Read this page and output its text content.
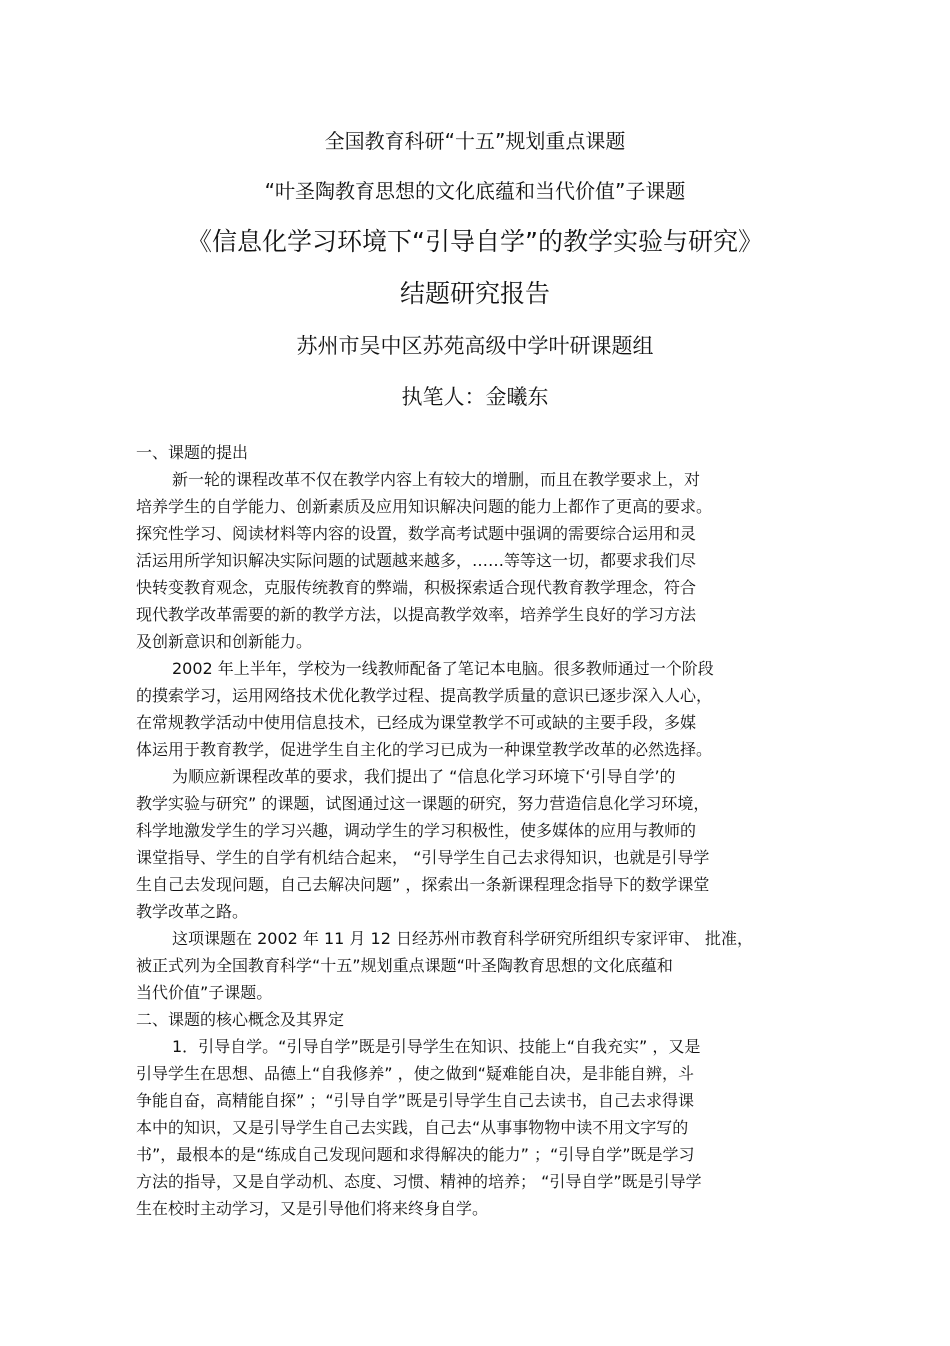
全国教育科研“十五”规划重点课题
“叶圣陶教育思想的文化底蕴和当代价值”子课题
《信息化学习环境下“引导自学”的教学实验与研究》
结题研究报告
苏州市吴中区苏苑高级中学叶研课题组
执笔人：金曦东
一、课题的提出
新一轮的课程改革不仅在教学内容上有较大的增删，而且在教学要求上，对
培养学生的自学能力、创新素质及应用知识解决问题的能力上都作了更高的要求。
探究性学习、阅读材料等内容的设置，数学高考试题中强调的需要综合运用和灵
活运用所学知识解决实际问题的试题越来越多，……等等这一切，都要求我们尽
快转变教育观念，克服传统教育的弊端，积极探索适合现代教育教学理念，符合
现代教学改革需要的新的教学方法，以提高教学效率，培养学生良好的学习方法
及创新意识和创新能力。
2002 年上半年，学校为一线教师配备了笔记本电脑。很多教师通过一个阶段
的摸索学习，运用网络技术优化教学过程、提高教学质量的意识已逐步深入人心，
在常规教学活动中使用信息技术，已经成为课堂教学不可或缺的主要手段，多媒
体运用于教育教学，促进学生自主化的学习已成为一种课堂教学改革的必然选择。
为顺应新课程改革的要求，我们提出了 “信息化学习环境下‘引导自学’的
教学实验与研究” 的课题，试图通过这一课题的研究，努力营造信息化学习环境，
科学地激发学生的学习兴趣，调动学生的学习积极性，使多媒体的应用与教师的
课堂指导、学生的自学有机结合起来， “引导学生自己去求得知识，也就是引导学
生自己去发现问题，自己去解决问题” ，探索出一条新课程理念指导下的数学课堂
教学改革之路。
这项课题在 2002 年 11 月 12 日经苏州市教育科学研究所组织专家评审、 批准，
被正式列为全国教育科学“十五”规划重点课题“叶圣陶教育思想的文化底蕴和
当代价值”子课题。
二、课题的核心概念及其界定
1．引导自学。“引导自学”既是引导学生在知识、技能上“自我充实” ，又是
引导学生在思想、品德上“自我修养” ，使之做到“疑难能自决，是非能自辨，斗
争能自奋，高精能自探” ；“引导自学”既是引导学生自己去读书，自己去求得课
本中的知识，又是引导学生自己去实践，自己去“从事事物物中读不用文字写的
书”，最根本的是“练成自己发现问题和求得解决的能力” ；“引导自学”既是学习
方法的指导，又是自学动机、态度、习惯、精神的培养； “引导自学”既是引导学
生在校时主动学习，又是引导他们将来终身自学。
